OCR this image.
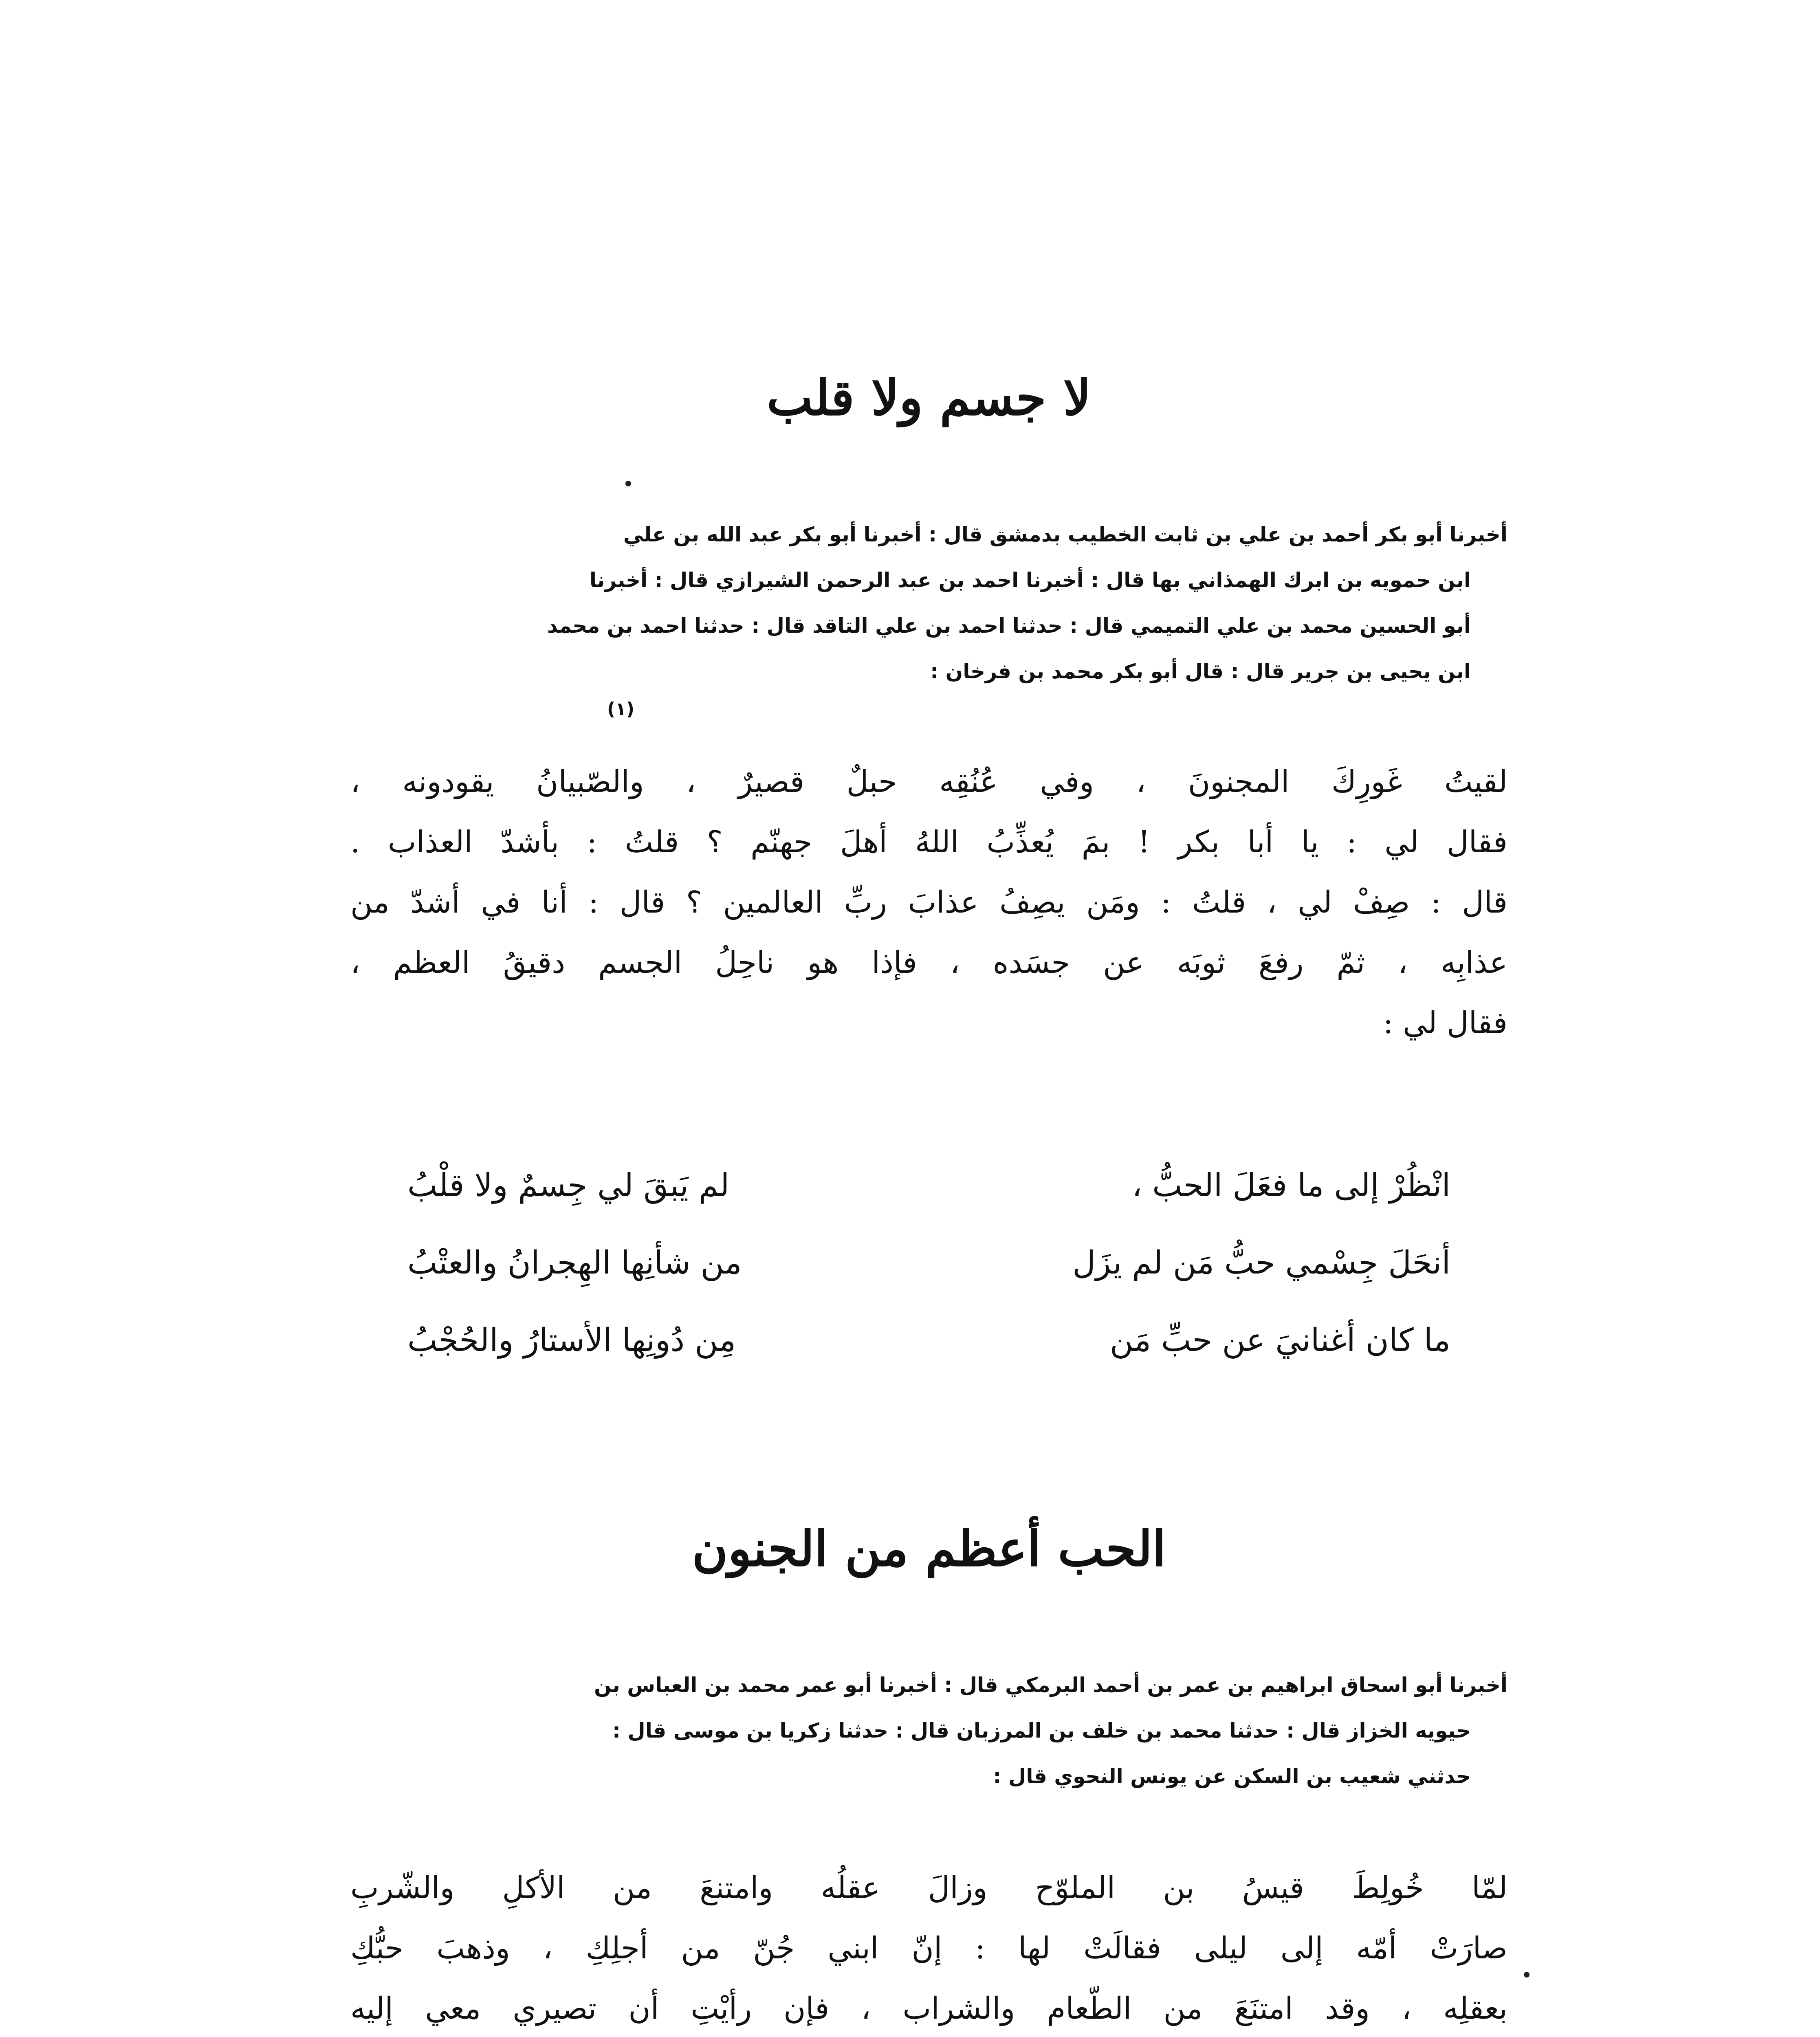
لا جسم ولا قلب

أخبرنا أبو بكر أحمد بن علي بن ثابت الخطيب بدمشق قال : أخبرنا أبو بكر عبد الله بن علي

ابن حمويه بن ابرك الهمذاني بها قال : أخبرنا احمد بن عبد الرحمن الشيرازي قال : أخبرنا

أبو الحسين محمد بن علي التميمي قال : حدثنا احمد بن علي التاقد قال : حدثنا احمد بن محمد

ابن يحيى بن جرير قال : قال أبو بكر محمد بن فرخان :

لقيتُ غَورِكَ المجنونَ ، وفي عُنُقِه حبلٌ قصيرٌ ، والصّبيانُ يقودونه ،

فقال لي : يا أبا بكر ! بمَ يُعذِّبُ اللهُ أهلَ جهنّم ؟ قلتُ : بأشدّ العذاب .

قال : صِفْ لي ، قلتُ : ومَن يصِفُ عذابَ ربِّ العالمين ؟ قال : أنا في أشدّ من

عذابِه ، ثمّ رفعَ ثوبَه عن جسَده ، فإذا هو ناحِلُ الجسم دقيقُ العظم ،

فقال لي :

انْظُرْ إلى ما فعَلَ الحبُّ ،
لم يَبقَ لي جِسمٌ ولا قلْبُ
أنحَلَ جِسْمي حبُّ مَن لم يزَل
من شأنِها الهِجرانُ والعتْبُ
ما كان أغنانيَ عن حبِّ مَن
مِن دُونِها الأستارُ والحُجْبُ
الحب أعظم من الجنون

أخبرنا أبو اسحاق ابراهيم بن عمر بن أحمد البرمكي قال : أخبرنا أبو عمر محمد بن العباس بن

حيويه الخزاز قال : حدثنا محمد بن خلف بن المرزبان قال : حدثنا زكريا بن موسى قال :

حدثني شعيب بن السكن عن يونس النحوي قال :

لمّا خُولِطَ قيسُ بن الملوّح وزالَ عقلُه وامتنعَ من الأكلِ والشّربِ

صارَتْ أمّه إلى ليلى فقالَتْ لها : إنّ ابني جُنّ من أجلِكِ ، وذهبَ حبُّكِ

بعقلِه ، وقد امتنَعَ من الطّعام والشراب ، فإن رأيْتِ أن تصيري معي إليه

(١)
